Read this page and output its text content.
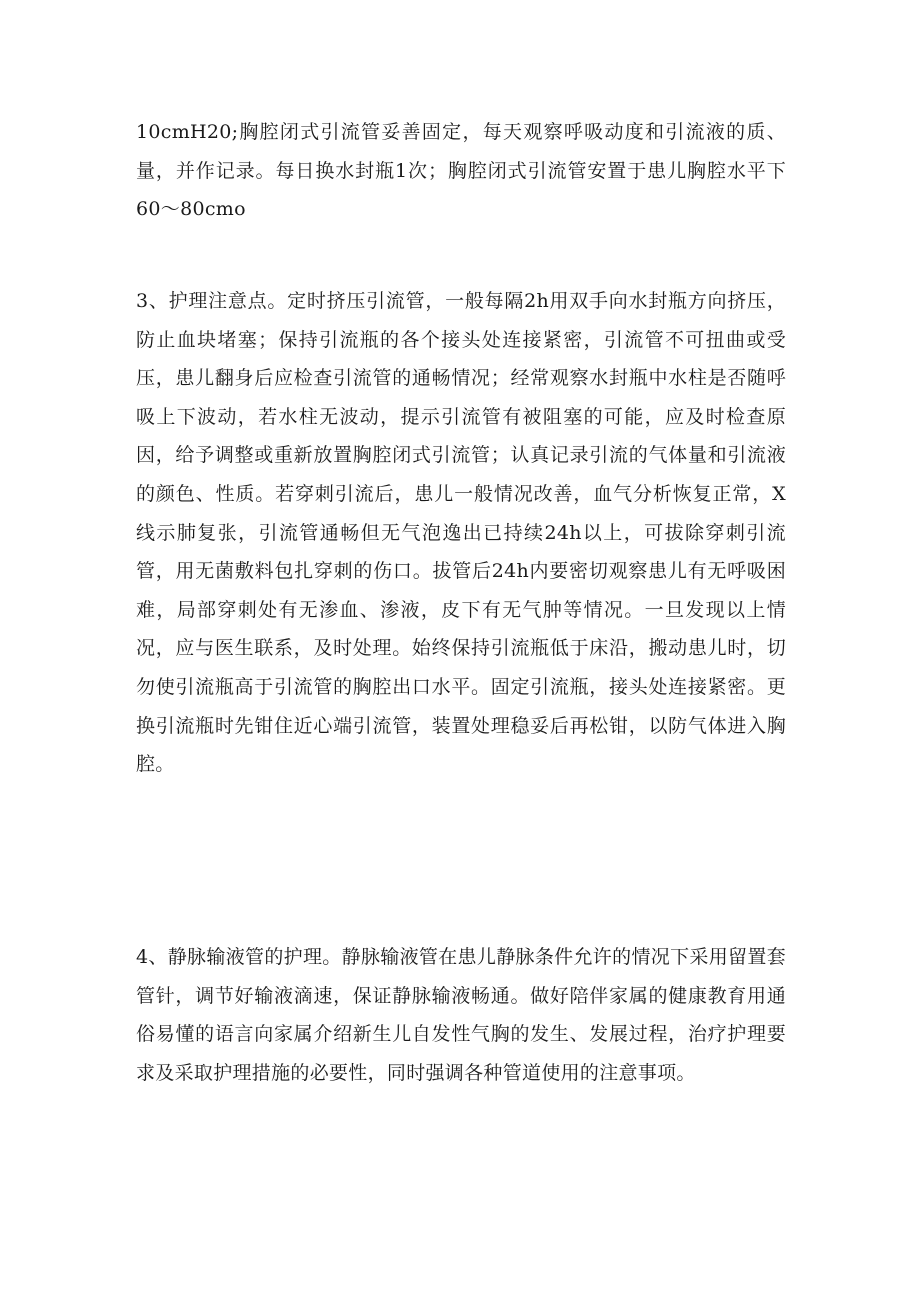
10cmH20;胸腔闭式引流管妥善固定，每天观察呼吸动度和引流液的质、量，并作记录。每日换水封瓶1次；胸腔闭式引流管安置于患儿胸腔水平下60～80cmo

3、护理注意点。定时挤压引流管，一般每隔2h用双手向水封瓶方向挤压，防止血块堵塞；保持引流瓶的各个接头处连接紧密，引流管不可扭曲或受压，患儿翻身后应检查引流管的通畅情况；经常观察水封瓶中水柱是否随呼吸上下波动，若水柱无波动，提示引流管有被阻塞的可能，应及时检查原因，给予调整或重新放置胸腔闭式引流管；认真记录引流的气体量和引流液的颜色、性质。若穿刺引流后，患儿一般情况改善，血气分析恢复正常，X线示肺复张，引流管通畅但无气泡逸出已持续24h以上，可拔除穿刺引流管，用无菌敷料包扎穿刺的伤口。拔管后24h内要密切观察患儿有无呼吸困难，局部穿刺处有无渗血、渗液，皮下有无气肿等情况。一旦发现以上情况，应与医生联系，及时处理。始终保持引流瓶低于床沿，搬动患儿时，切勿使引流瓶高于引流管的胸腔出口水平。固定引流瓶，接头处连接紧密。更换引流瓶时先钳住近心端引流管，装置处理稳妥后再松钳，以防气体进入胸腔。

4、静脉输液管的护理。静脉输液管在患儿静脉条件允许的情况下采用留置套管针，调节好输液滴速，保证静脉输液畅通。做好陪伴家属的健康教育用通俗易懂的语言向家属介绍新生儿自发性气胸的发生、发展过程，治疗护理要求及采取护理措施的必要性，同时强调各种管道使用的注意事项。
